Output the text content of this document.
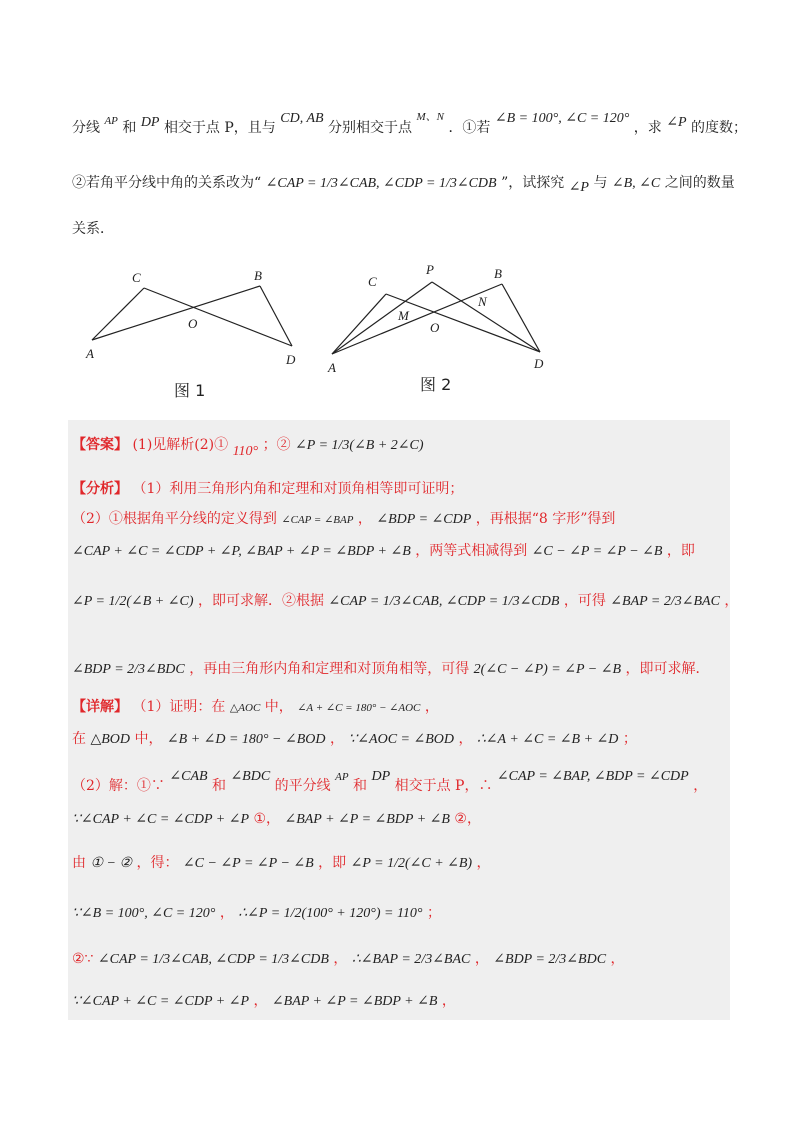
分线 $^{AP}$ 和 DP 相交于点 P，且与 CD, AB 分别相交于点 $^{M、N}$ ．①若 ∠B = 100°, ∠C = 120° ，求 ∠P 的度数；
②若角平分线中角的关系改为“ ∠CAP = 1/3∠CAB, ∠CDP = 1/3∠CDB ”，试探究 ∠P 与 ∠B, ∠C 之间的数量
关系．
C	B
O
A	D
图 1
C
P	B
N
M
O
A	D
图 2
【答案】 (1)见解析(2)① 110° ；② ∠P = 1/3(∠B + 2∠C)
【分析】 （1）利用三角形内角和定理和对顶角相等即可证明；
（2）①根据角平分线的定义得到 ∠CAP = ∠BAP ， ∠BDP = ∠CDP ，再根据“8 字形”得到
∠CAP + ∠C = ∠CDP + ∠P, ∠BAP + ∠P = ∠BDP + ∠B ，两等式相减得到 ∠C − ∠P = ∠P − ∠B ，即
∠P = 1/2(∠B + ∠C) ，即可求解．②根据 ∠CAP = 1/3∠CAB, ∠CDP = 1/3∠CDB ，可得 ∠BAP = 2/3∠BAC ，
∠BDP = 2/3∠BDC ，再由三角形内角和定理和对顶角相等，可得 2(∠C − ∠P) = ∠P − ∠B ，即可求解．
【详解】 （1）证明：在 △AOC 中， ∠A + ∠C = 180° − ∠AOC ，
在 △BOD 中， ∠B + ∠D = 180° − ∠BOD ， ∵∠AOC = ∠BOD ， ∴∠A + ∠C = ∠B + ∠D ；
（2）解：①∵ ∠CAB 和 ∠BDC 的平分线 $^{AP}$ 和 DP 相交于点 P，∴ ∠CAP = ∠BAP, ∠BDP = ∠CDP ，
∵∠CAP + ∠C = ∠CDP + ∠P ①， ∠BAP + ∠P = ∠BDP + ∠B ②，
由 ① − ② ，得： ∠C − ∠P = ∠P − ∠B ，即 ∠P = 1/2(∠C + ∠B) ，
∵∠B = 100°, ∠C = 120° ， ∴∠P = 1/2(100° + 120°) = 110° ；
②∵ ∠CAP = 1/3∠CAB, ∠CDP = 1/3∠CDB ， ∴∠BAP = 2/3∠BAC ， ∠BDP = 2/3∠BDC ，
∵∠CAP + ∠C = ∠CDP + ∠P ， ∠BAP + ∠P = ∠BDP + ∠B ，
